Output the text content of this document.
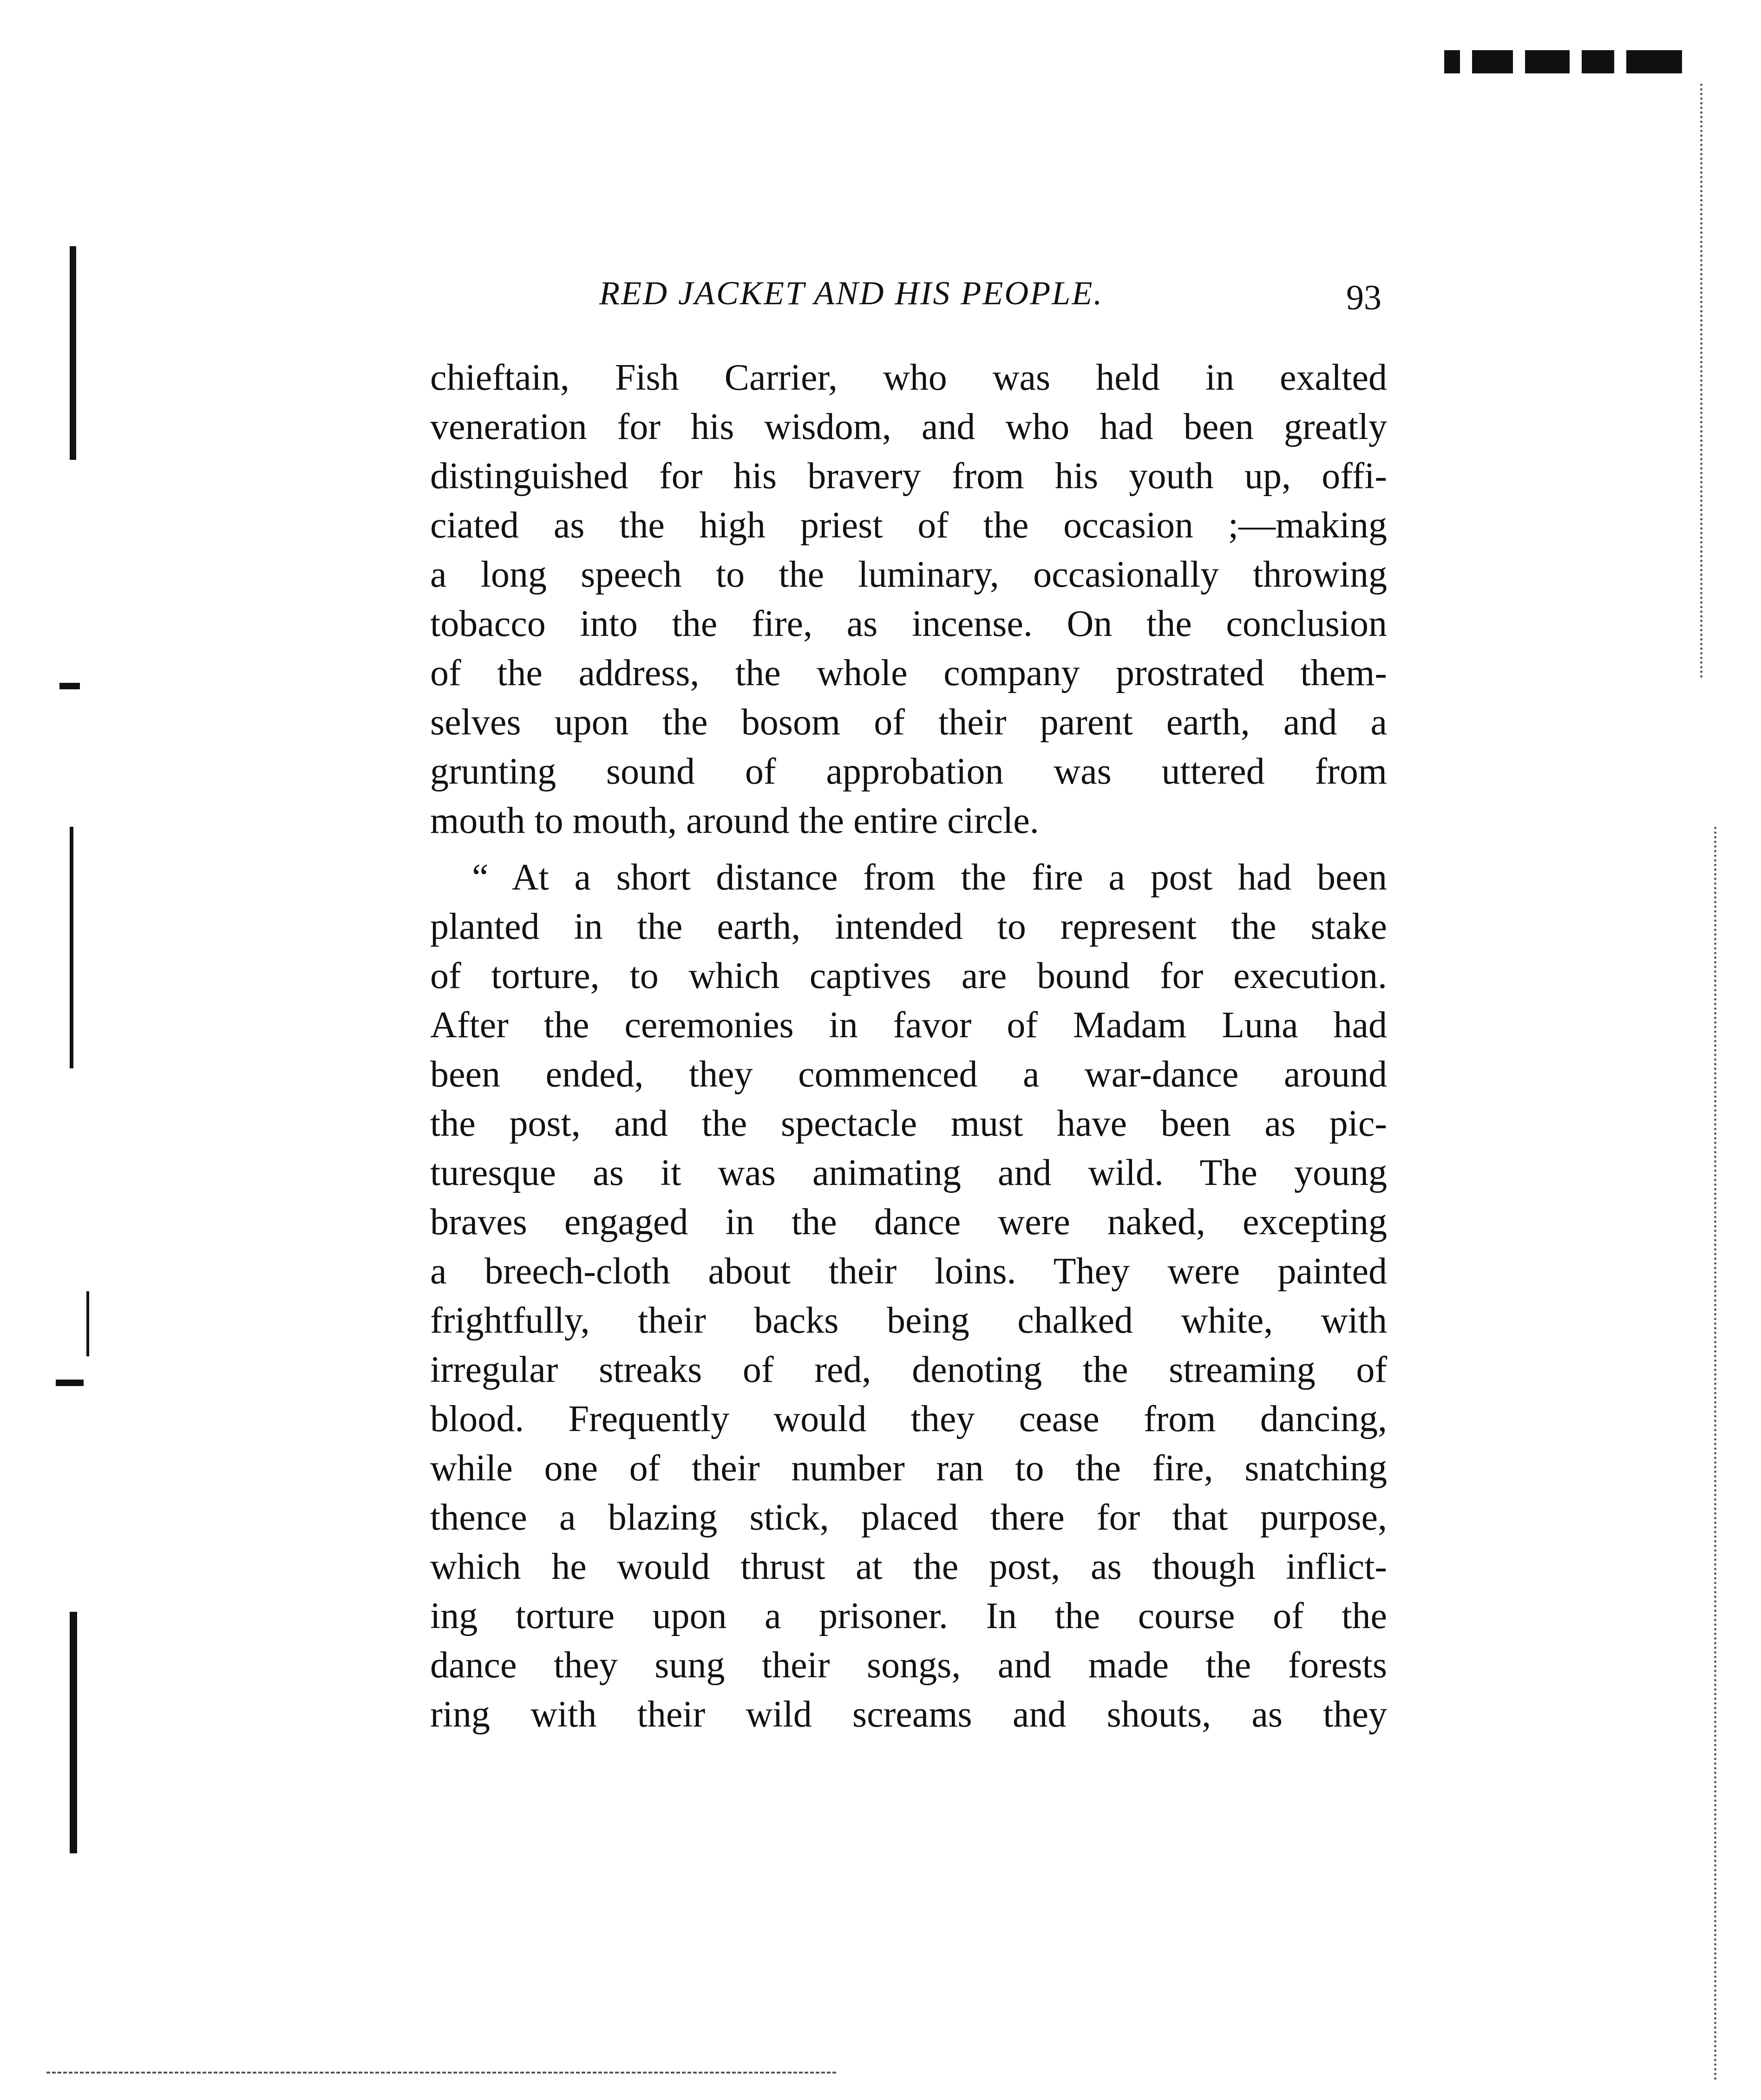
RED JACKET AND HIS PEOPLE.	93
chieftain, Fish Carrier, who was held in exalted
veneration for his wisdom, and who had been greatly
distinguished for his bravery from his youth up, offi-
ciated as the high priest of the occasion ;—making
a long speech to the luminary, occasionally throwing
tobacco into the fire, as incense. On the conclusion
of the address, the whole company prostrated them-
selves upon the bosom of their parent earth, and a
grunting sound of approbation was uttered from
mouth to mouth, around the entire circle.
“ At a short distance from the fire a post had been
planted in the earth, intended to represent the stake
of torture, to which captives are bound for execution.
After the ceremonies in favor of Madam Luna had
been ended, they commenced a war-dance around
the post, and the spectacle must have been as pic-
turesque as it was animating and wild. The young
braves engaged in the dance were naked, excepting
a breech-cloth about their loins. They were painted
frightfully, their backs being chalked white, with
irregular streaks of red, denoting the streaming of
blood. Frequently would they cease from dancing,
while one of their number ran to the fire, snatching
thence a blazing stick, placed there for that purpose,
which he would thrust at the post, as though inflict-
ing torture upon a prisoner. In the course of the
dance they sung their songs, and made the forests
ring with their wild screams and shouts, as they
